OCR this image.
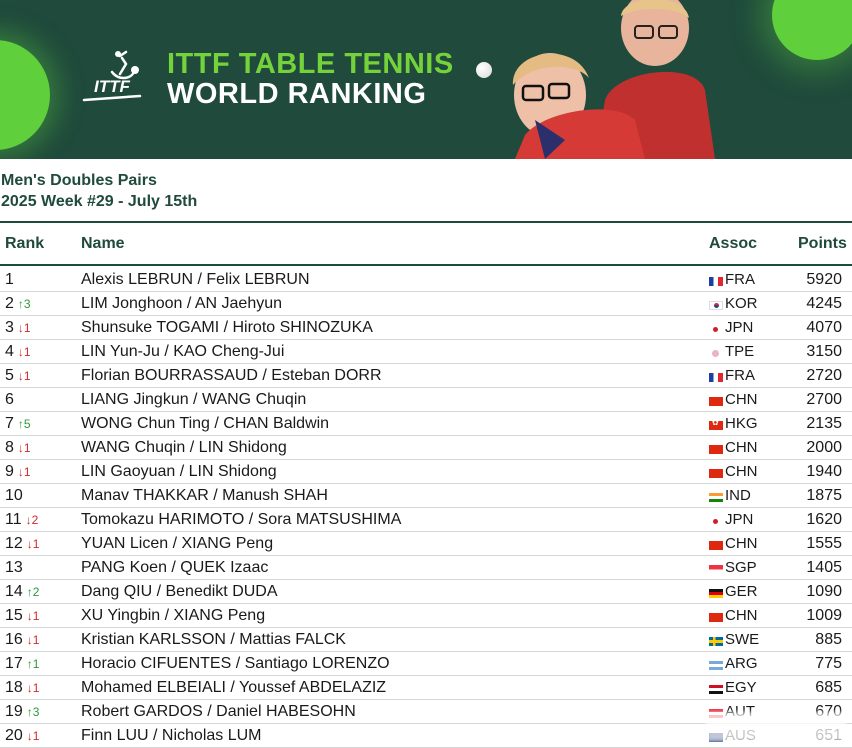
ITTF
ITTF TABLE TENNIS
WORLD RANKING
Men's Doubles Pairs
2025 Week #29 - July 15th
Rank Name	Assoc	Points
1	Alexis LEBRUN / Felix LEBRUN	FRA	5920
2 ↑3	LIM Jonghoon / AN Jaehyun	KOR	4245
3 ↓1	Shunsuke TOGAMI / Hiroto SHINOZUKA	JPN	4070
4 ↓1	LIN Yun-Ju / KAO Cheng-Jui	TPE	3150
5 ↓1	Florian BOURRASSAUD / Esteban DORR	FRA	2720
6	LIANG Jingkun / WANG Chuqin	CHN	2700
7 ↑5	WONG Chun Ting / CHAN Baldwin
✿	HKG	2135
8 ↓1	WANG Chuqin / LIN Shidong	CHN	2000
9 ↓1	LIN Gaoyuan / LIN Shidong	CHN	1940
10	Manav THAKKAR / Manush SHAH	IND	1875
11 ↓2	Tomokazu HARIMOTO / Sora MATSUSHIMA	JPN	1620
12 ↓1	YUAN Licen / XIANG Peng	CHN	1555
13	PANG Koen / QUEK Izaac	SGP	1405
14 ↑2	Dang QIU / Benedikt DUDA	GER	1090
15 ↓1	XU Yingbin / XIANG Peng	CHN	1009
16 ↓1	Kristian KARLSSON / Mattias FALCK	SWE	885
17 ↑1	Horacio CIFUENTES / Santiago LORENZO	ARG	775
18 ↓1	Mohamed ELBEIALI / Youssef ABDELAZIZ	EGY	685
19 ↑3	Robert GARDOS / Daniel HABESOHN
20 ↓1	Finn LUU / Nicholas LUM
